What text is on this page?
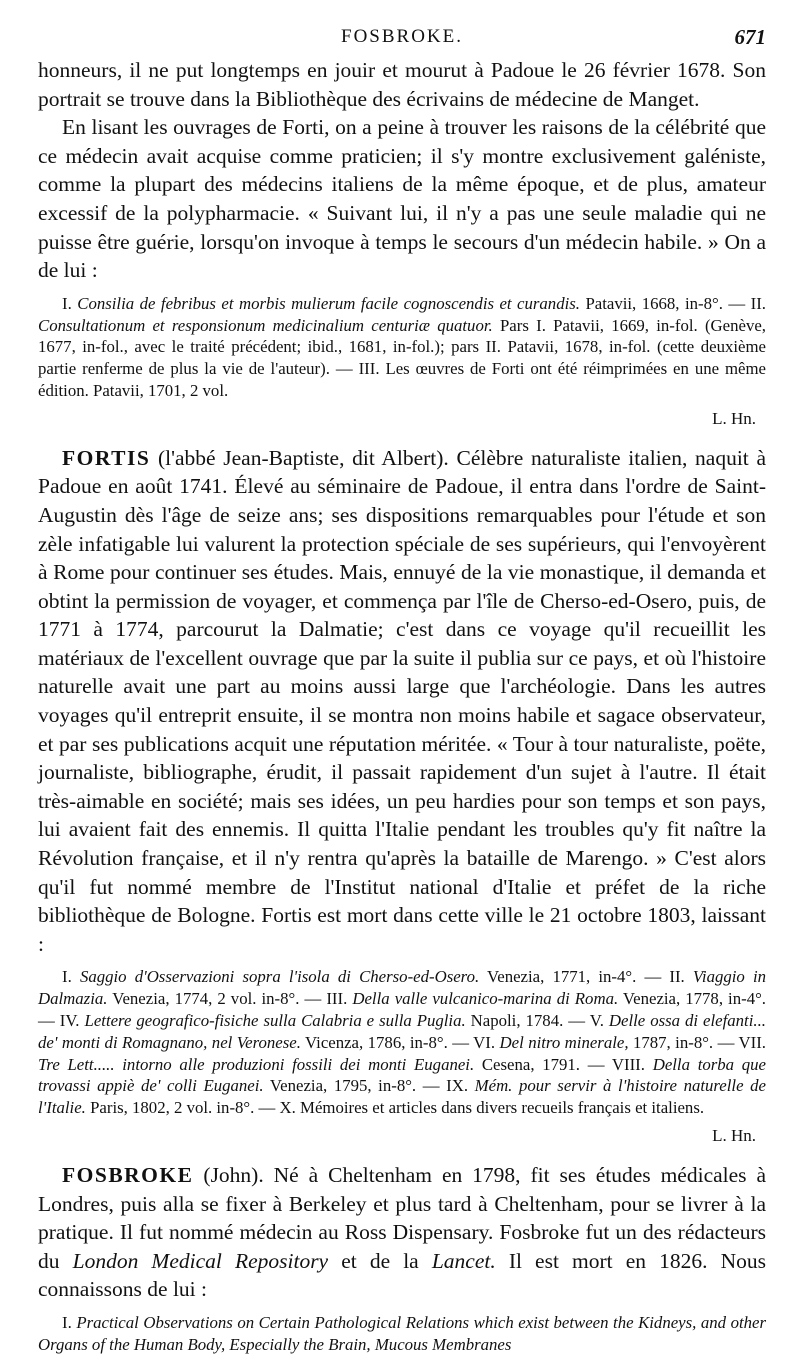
FOSBROKE.	671

honneurs, il ne put longtemps en jouir et mourut à Padoue le 26 février 1678. Son portrait se trouve dans la Bibliothèque des écrivains de médecine de Manget.

En lisant les ouvrages de Forti, on a peine à trouver les raisons de la célébrité que ce médecin avait acquise comme praticien; il s'y montre exclusivement galéniste, comme la plupart des médecins italiens de la même époque, et de plus, amateur excessif de la polypharmacie. « Suivant lui, il n'y a pas une seule maladie qui ne puisse être guérie, lorsqu'on invoque à temps le secours d'un médecin habile. » On a de lui :

I. Consilia de febribus et morbis mulierum facile cognoscendis et curandis. Patavii, 1668, in-8°. — II. Consultationum et responsionum medicinalium centuriæ quatuor. Pars I. Patavii, 1669, in-fol. (Genève, 1677, in-fol., avec le traité précédent; ibid., 1681, in-fol.); pars II. Patavii, 1678, in-fol. (cette deuxième partie renferme de plus la vie de l'auteur). — III. Les œuvres de Forti ont été réimprimées en une même édition. Patavii, 1701, 2 vol.
L. Hn.

FORTIS (l'abbé Jean-Baptiste, dit Albert). Célèbre naturaliste italien, naquit à Padoue en août 1741. Élevé au séminaire de Padoue, il entra dans l'ordre de Saint-Augustin dès l'âge de seize ans; ses dispositions remarquables pour l'étude et son zèle infatigable lui valurent la protection spéciale de ses supérieurs, qui l'envoyèrent à Rome pour continuer ses études. Mais, ennuyé de la vie monastique, il demanda et obtint la permission de voyager, et commença par l'île de Cherso-ed-Osero, puis, de 1771 à 1774, parcourut la Dalmatie; c'est dans ce voyage qu'il recueillit les matériaux de l'excellent ouvrage que par la suite il publia sur ce pays, et où l'histoire naturelle avait une part au moins aussi large que l'archéologie. Dans les autres voyages qu'il entreprit ensuite, il se montra non moins habile et sagace observateur, et par ses publications acquit une réputation méritée. « Tour à tour naturaliste, poëte, journaliste, bibliographe, érudit, il passait rapidement d'un sujet à l'autre. Il était très-aimable en société; mais ses idées, un peu hardies pour son temps et son pays, lui avaient fait des ennemis. Il quitta l'Italie pendant les troubles qu'y fit naître la Révolution française, et il n'y rentra qu'après la bataille de Marengo. » C'est alors qu'il fut nommé membre de l'Institut national d'Italie et préfet de la riche bibliothèque de Bologne. Fortis est mort dans cette ville le 21 octobre 1803, laissant :

I. Saggio d'Osservazioni sopra l'isola di Cherso-ed-Osero. Venezia, 1771, in-4°. — II. Viaggio in Dalmazia. Venezia, 1774, 2 vol. in-8°. — III. Della valle vulcanico-marina di Roma. Venezia, 1778, in-4°. — IV. Lettere geografico-fisiche sulla Calabria e sulla Puglia. Napoli, 1784. — V. Delle ossa di elefanti... de' monti di Romagnano, nel Veronese. Vicenza, 1786, in-8°. — VI. Del nitro minerale, 1787, in-8°. — VII. Tre Lett..... intorno alle produzioni fossili dei monti Euganei. Cesena, 1791. — VIII. Della torba que trovassi appiè de' colli Euganei. Venezia, 1795, in-8°. — IX. Mém. pour servir à l'histoire naturelle de l'Italie. Paris, 1802, 2 vol. in-8°. — X. Mémoires et articles dans divers recueils français et italiens.
L. Hn.

FOSBROKE (John). Né à Cheltenham en 1798, fit ses études médicales à Londres, puis alla se fixer à Berkeley et plus tard à Cheltenham, pour se livrer à la pratique. Il fut nommé médecin au Ross Dispensary. Fosbroke fut un des rédacteurs du London Medical Repository et de la Lancet. Il est mort en 1826. Nous connaissons de lui :

I. Practical Observations on Certain Pathological Relations which exist between the Kidneys, and other Organs of the Human Body, Especially the Brain, Mucous Membranes
